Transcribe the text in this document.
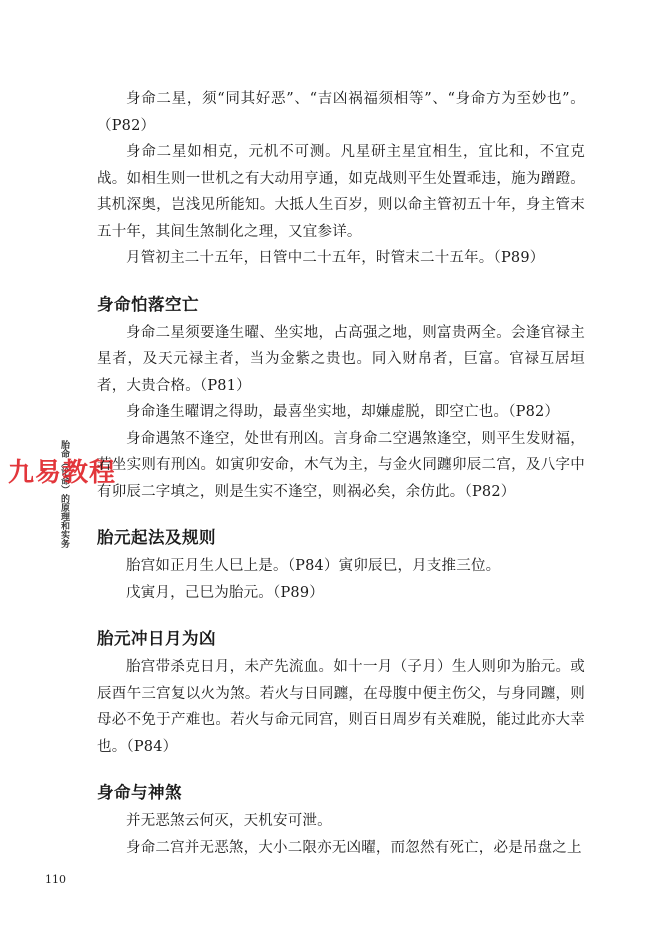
胎命（论命）的原理和实务
九易教程

身命二星，须“同其好恶”、“吉凶祸福须相等”、“身命方为至妙也”。（P82）

身命二星如相克，元机不可测。凡星研主星宜相生，宜比和，不宜克战。如相生则一世机之有大动用亨通，如克战则平生处置乖违，施为蹭蹬。其机深奥，岂浅见所能知。大抵人生百岁，则以命主管初五十年，身主管末五十年，其间生煞制化之理，又宜参详。

月管初主二十五年，日管中二十五年，时管末二十五年。（P89）

身命怕落空亡

身命二星须要逢生曜、坐实地，占高强之地，则富贵两全。会逢官禄主星者，及天元禄主者，当为金紫之贵也。同入财帛者，巨富。官禄互居垣者，大贵合格。（P81）

身命逢生曜谓之得助，最喜坐实地，却嫌虚脱，即空亡也。（P82）

身命遇煞不逢空，处世有刑凶。言身命二空遇煞逢空，则平生发财福，若坐实则有刑凶。如寅卯安命，木气为主，与金火同躔卯辰二宫，及八字中有卯辰二字填之，则是生实不逢空，则祸必矣，余仿此。（P82）

胎元起法及规则

胎宫如正月生人巳上是。（P84）寅卯辰巳，月支推三位。

戊寅月，己巳为胎元。（P89）

胎元冲日月为凶

胎宫带杀克日月，未产先流血。如十一月（子月）生人则卯为胎元。或辰酉午三宫复以火为煞。若火与日同躔，在母腹中便主伤父，与身同躔，则母必不免于产难也。若火与命元同宫，则百日周岁有关难脱，能过此亦大幸也。（P84）

身命与神煞

并无恶煞云何灭，天机安可泄。

身命二宫并无恶煞，大小二限亦无凶曜，而忽然有死亡，必是吊盘之上

110
